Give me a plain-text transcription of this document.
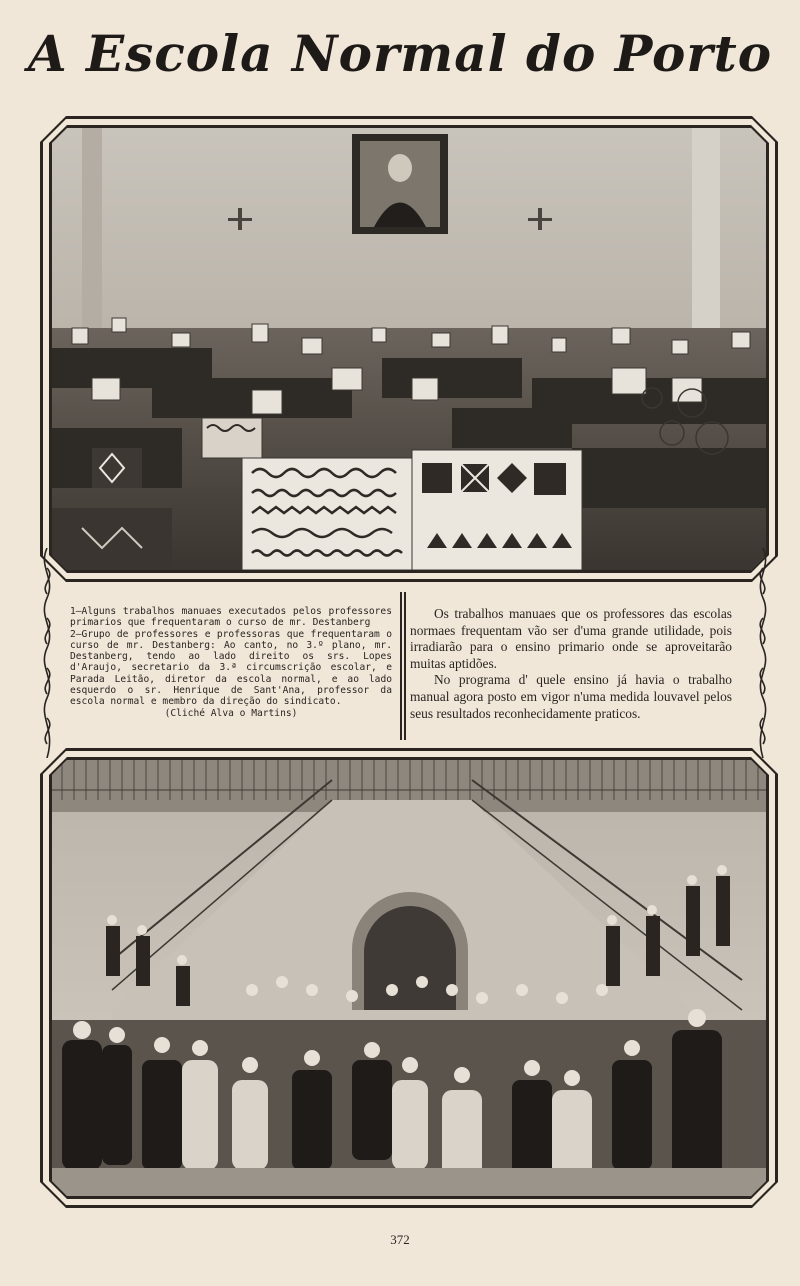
A Escola Normal do Porto

1—Alguns trabalhos manuaes executados pelos professores primarios que frequentaram o curso de mr. Destanberg

2—Grupo de professores e professoras que frequentaram o curso de mr. Destanberg: Ao canto, no 3.º plano, mr. Destanberg, tendo ao lado direito os srs. Lopes d'Araujo, secretario da 3.ª circumscrição escolar, e Parada Leitão, diretor da escola normal, e ao lado esquerdo o sr. Henrique de Sant'Ana, professor da escola normal e membro da direção do sindicato.

(Cliché Alva o Martins)

Os trabalhos manuaes que os professores das escolas normaes frequentam vão ser d'uma grande utilidade, pois irradiarão para o ensino primario onde se aproveitarão muitas aptidões.

No programa d' quele ensino já havia o trabalho manual agora posto em vigor n'uma medida louvavel pelos seus resultados reconhecidamente praticos.

372
